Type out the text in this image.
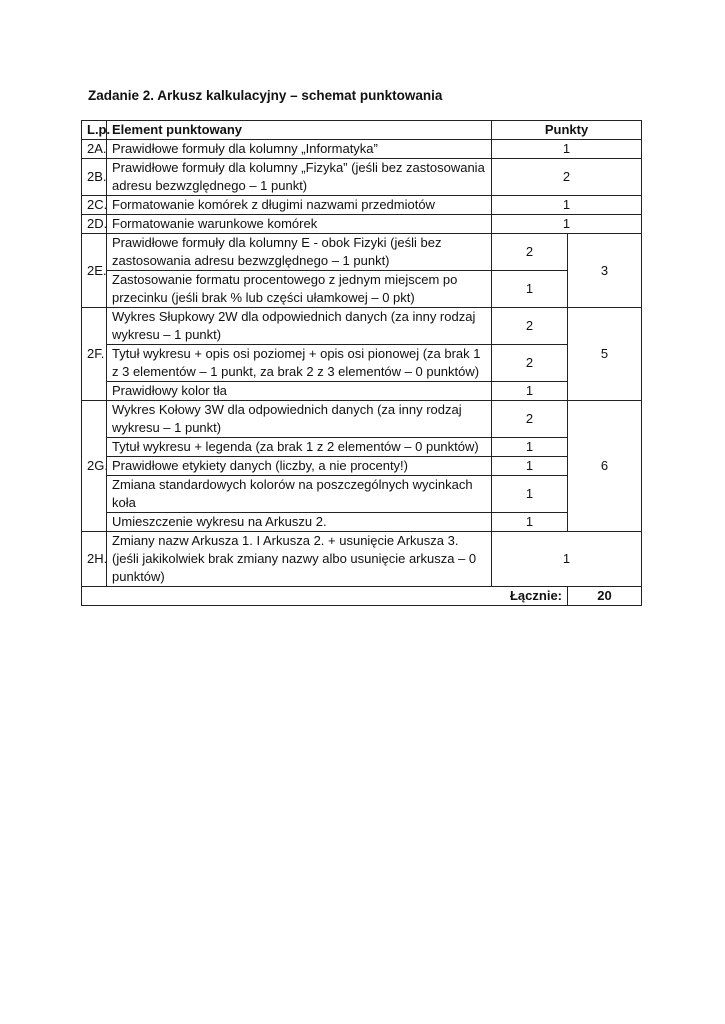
Zadanie 2. Arkusz kalkulacyjny – schemat punktowania
L.p.	Element punktowany	Punkty	
2A.	Prawidłowe formuły dla kolumny „Informatyka”	1	
2B.	Prawidłowe formuły dla kolumny „Fizyka” (jeśli bez zastosowania adresu bezwzględnego – 1 punkt)	2	
2C.	Formatowanie komórek z długimi nazwami przedmiotów	1	
2D.	Formatowanie warunkowe komórek	1	
2E.	Prawidłowe formuły dla kolumny E - obok Fizyki (jeśli bez zastosowania adresu bezwzględnego – 1 punkt)	2	3
	Zastosowanie formatu procentowego z jednym miejscem po przecinku (jeśli brak % lub części ułamkowej – 0 pkt)	1	
2F.	Wykres Słupkowy 2W dla odpowiednich danych (za inny rodzaj wykresu – 1 punkt)	2	5
	Tytuł wykresu + opis osi poziomej + opis osi pionowej (za brak 1 z 3 elementów – 1 punkt, za brak 2 z 3 elementów – 0 punktów)	2	
	Prawidłowy kolor tła	1	
2G.	Wykres Kołowy 3W dla odpowiednich danych (za inny rodzaj wykresu – 1 punkt)	2	6
	Tytuł wykresu + legenda (za brak 1 z 2 elementów – 0 punktów)	1	
	Prawidłowe etykiety danych (liczby, a nie procenty!)	1	
	Zmiana standardowych kolorów na poszczególnych wycinkach koła	1	
	Umieszczenie wykresu na Arkuszu 2.	1	
2H.	Zmiany nazw Arkusza 1. I Arkusza 2. + usunięcie Arkusza 3. (jeśli jakikolwiek brak zmiany nazwy albo usunięcie arkusza – 0 punktów)	1	
Łącznie:			20
